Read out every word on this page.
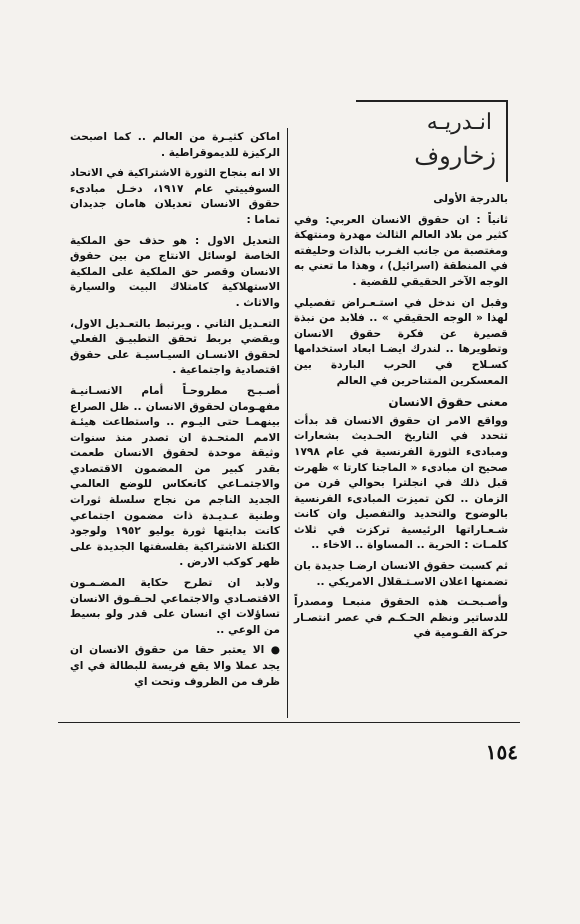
انـدريـه
زخاروف

بالدرجة الأولى

ثانياً : ان حقوق الانسان العربي: وفي كثير من بلاد العالم الثالث مهدرة ومنتهكة ومغتصبة من جانب الغـرب بالذات وحليفته في المنطقة (اسرائيل) ، وهذا ما تعني به الوجه الآخر الحقيقي للقضية .

وقبل ان ندخل في استـعـراض تفصيلي لهذا « الوجه الحقيقي » .. فلابد من نبذة قصيرة عن فكرة حقوق الانسان وتطويرها .. لندرك ايضـا ابعاد استخدامها كسـلاح في الحرب الباردة بين المعسكرين المتناحرين في العالم

معنى حقوق الانسان

وواقع الامر ان حقوق الانسان قد بدأت تتحدد في التاريخ الحـديث بشعارات ومبادىء الثورة الفرنسية في عام ١٧٩٨ صحيح ان مبادىء « الماجنا كارتا » ظهرت قبل ذلك في انجلترا بحوالي قرن من الزمان .. لكن تميزت المبادىء الفرنسية بالوضوح والتحديد والتفصيل وان كانت شـعـاراتها الرئيسية تركزت في ثلاث كلمـات : الحرية .. المساواة .. الاخاء ..

ثم كسبت حقوق الانسان ارضـا جديدة بان تضمنها اعلان الاسـتـقلال الامريكي ..

وأصـبحـت هذه الحقوق منبعـا ومصدراً للدساتير ونظم الحـكـم في عصر انتصـار حركة القـومية في

اماكن كثيـرة من العالم .. كما اصبحت الركيزة للديموقراطية .

الا انه بنجاح الثورة الاشتراكية في الاتحاد السوفييتي عام ١٩١٧، دخـل مبادىء حقوق الانسان تعديلان هامان جديدان تماما :

التعديل الاول : هو حذف حق الملكية الخاصة لوسائل الانتاج من بين حقوق الانسان وقصر حق الملكية على الملكية الاستهلاكية كامتلاك البيت والسيارة والاثاث .

التعـديل الثاني . ويرتبط بالتعـديل الاول، ويقضي بربط تحقق التطبيـق الفعلي لحقوق الانسـان السيـاسيـة على حقوق اقتصادية واجتماعية .

أصـبـح مطروحـاً أمام الانسـانيـة مفهـومان لحقوق الانسان .. ظل الصراع بينهمـا حتى اليـوم .. واستطاعت هيئـة الامم المتحـدة ان تصدر منذ سنوات وثيقة موحدة لحقوق الانسان طعمت بقدر كبير من المضمون الاقتصادي والاجتمـاعي كانعكاس للوضع العالمي الجديد الناجم من نجاح سلسلة ثورات وطنية عـديـدة ذات مضمون اجتماعي كانت بدايتها ثورة يوليو ١٩٥٢ ولوجود الكتلة الاشتراكية بفلسفتها الجديدة على ظهر كوكب الارض .

ولابد ان تطرح حكاية المضـمـون الاقتصـادي والاجتماعي لحـقـوق الانسان تساؤلات اي انسان على قدر ولو بسيط من الوعي ..

● الا يعتبر حقا من حقوق الانسان ان يجد عملا والا يقع فريسة للبطالة في اي ظرف من الظروف وتحت اي

١٥٤
